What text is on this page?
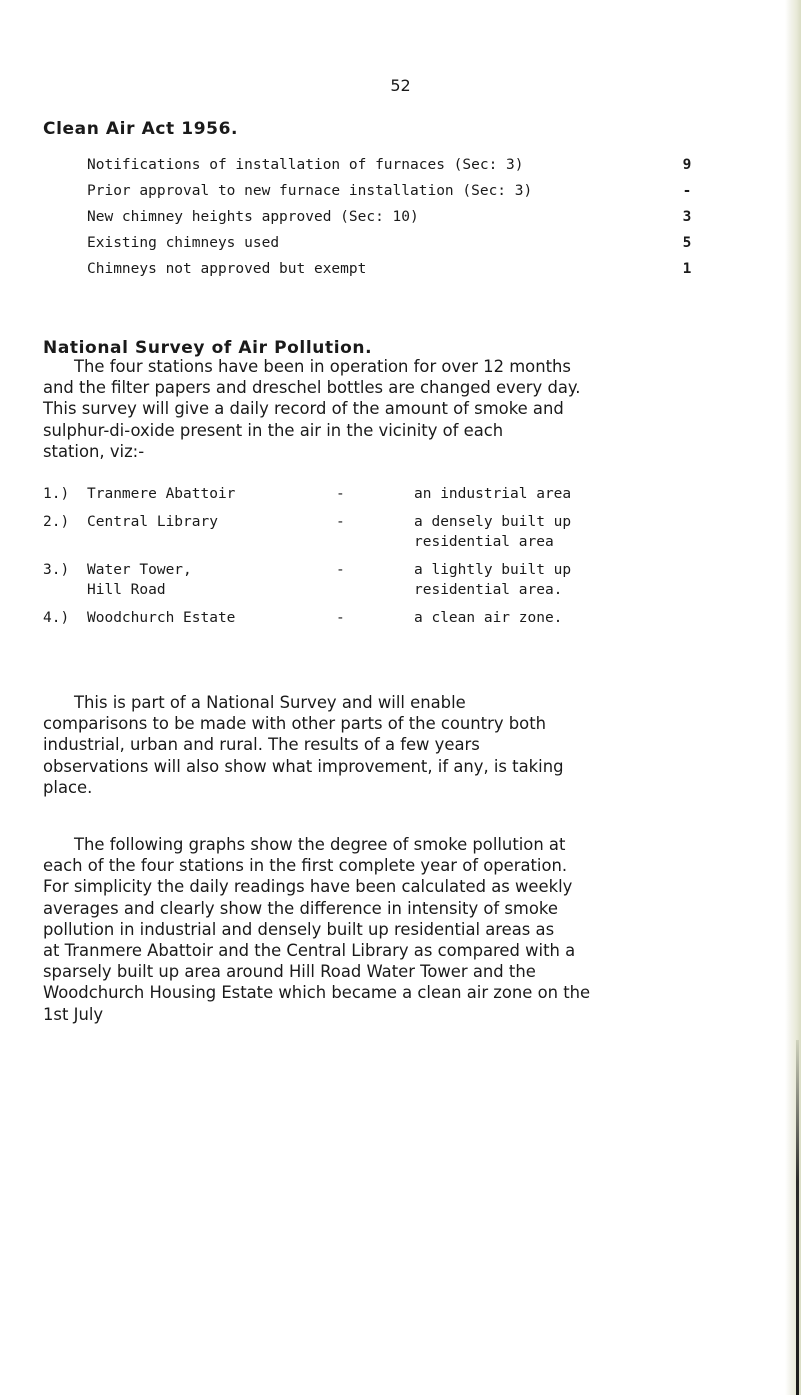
52
Clean Air Act 1956.
Notifications of installation of furnaces (Sec: 3)	9
Prior approval to new furnace installation (Sec: 3)	-
New chimney heights approved (Sec: 10)	3
Existing chimneys used	5
Chimneys not approved but exempt	1
National Survey of Air Pollution.
The four stations have been in operation for over 12 months
and the filter papers and dreschel bottles are changed every day.
This survey will give a daily record of the amount of smoke and
sulphur-di-oxide present in the air in the vicinity of each
station, viz:-
1.) Tranmere Abattoir	-	an industrial area
2.) Central Library	-	a densely built up
residential area
3.) Water Tower,
Hill Road
-	a lightly built up
residential area.
4.) Woodchurch Estate	-	a clean air zone.
This is part of a National Survey and will enable
comparisons to be made with other parts of the country both
industrial, urban and rural. The results of a few years
observations will also show what improvement, if any, is taking
place.
The following graphs show the degree of smoke pollution at
each of the four stations in the first complete year of operation.
For simplicity the daily readings have been calculated as weekly
averages and clearly show the difference in intensity of smoke
pollution in industrial and densely built up residential areas as
at Tranmere Abattoir and the Central Library as compared with a
sparsely built up area around Hill Road Water Tower and the
Woodchurch Housing Estate which became a clean air zone on the
1st July
